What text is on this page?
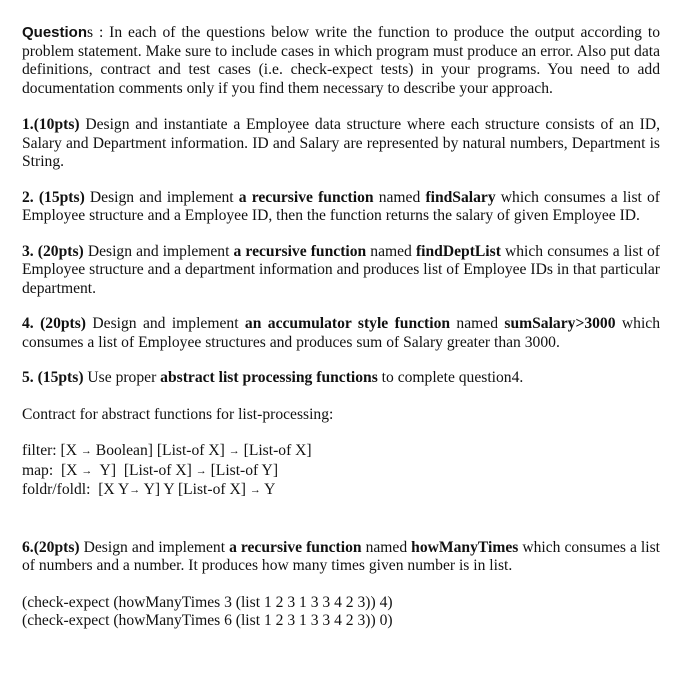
Questions : In each of the questions below write the function to produce the output according to problem statement. Make sure to include cases in which program must produce an error. Also put data definitions, contract and test cases (i.e. check-expect tests) in your programs. You need to add documentation comments only if you find them necessary to describe your approach.

1.(10pts) Design and instantiate a Employee data structure where each structure consists of an ID, Salary and Department information. ID and Salary are represented by natural numbers, Department is String.

2. (15pts) Design and implement a recursive function named findSalary which consumes a list of Employee structure and a Employee ID, then the function returns the salary of given Employee ID.

3. (20pts) Design and implement a recursive function named findDeptList which consumes a list of Employee structure and a department information and produces list of Employee IDs in that particular department.

4. (20pts) Design and implement an accumulator style function named sumSalary>3000 which consumes a list of Employee structures and produces sum of Salary greater than 3000.

5. (15pts) Use proper abstract list processing functions to complete question4.

Contract for abstract functions for list-processing:

filter: [X → Boolean] [List-of X] → [List-of X]

map:  [X →  Y]  [List-of X] → [List-of Y]

foldr/foldl:  [X Y→ Y] Y [List-of X] → Y

6.(20pts) Design and implement a recursive function named howManyTimes which consumes a list of numbers and a number. It produces how many times given number is in list.

(check-expect (howManyTimes 3 (list 1 2 3 1 3 3 4 2 3)) 4)

(check-expect (howManyTimes 6 (list 1 2 3 1 3 3 4 2 3)) 0)
